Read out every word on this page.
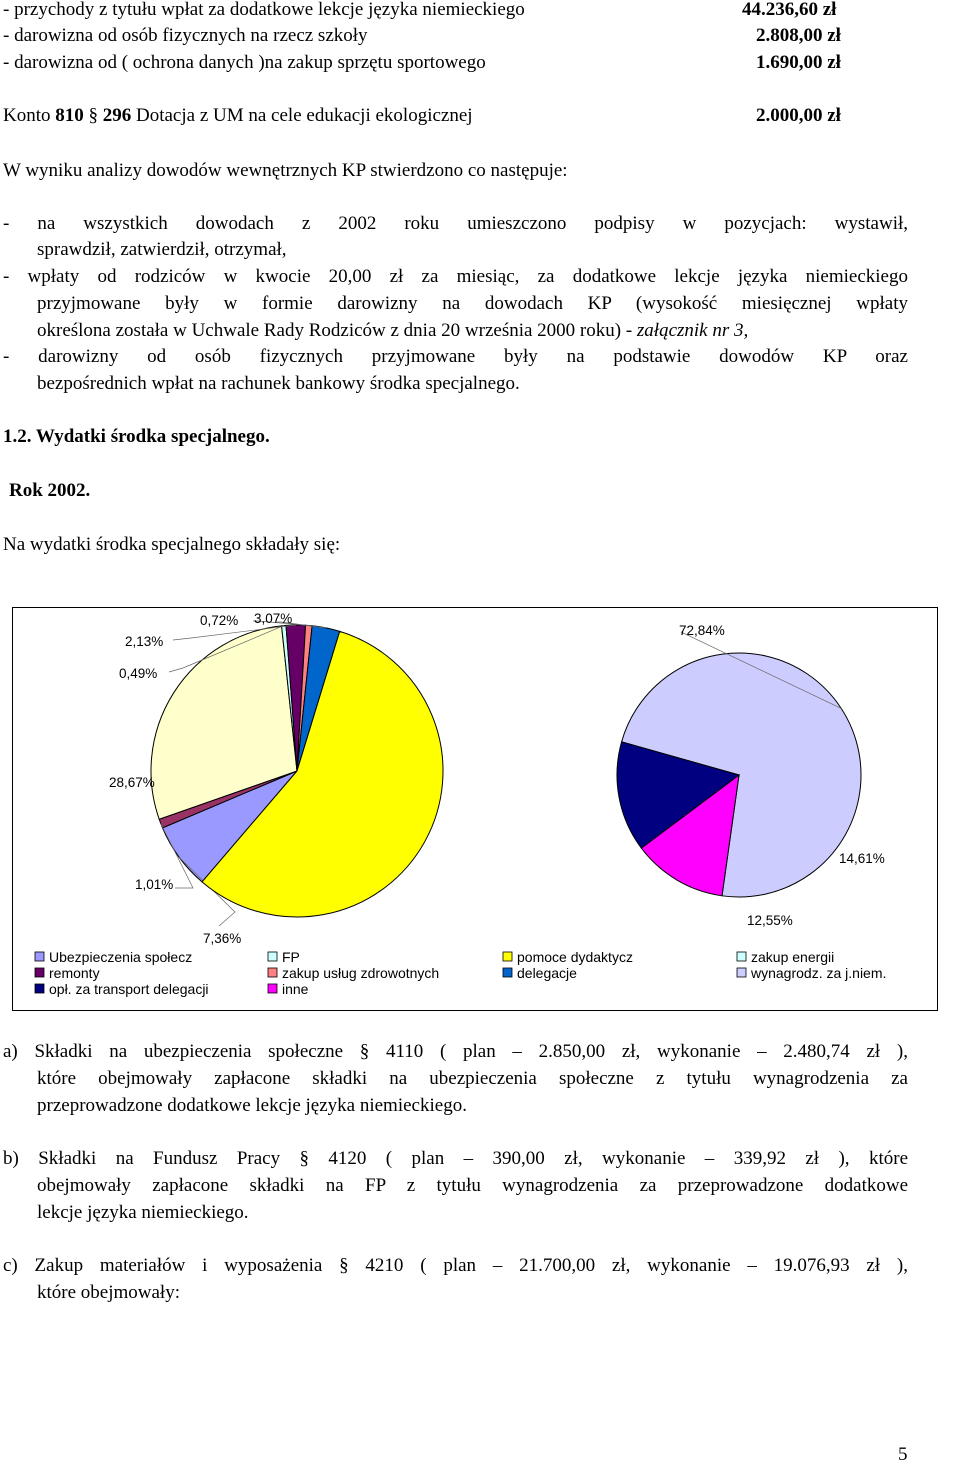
- przychody z tytułu wpłat za dodatkowe lekcje języka niemieckiego	44.236,60 zł
- darowizna od osób fizycznych na rzecz szkoły	2.808,00 zł
- darowizna od ( ochrona danych )na zakup sprzętu sportowego	1.690,00 zł
Konto 810 § 296 Dotacja z UM na cele edukacji ekologicznej	2.000,00 zł
W wyniku analizy dowodów wewnętrznych KP stwierdzono co następuje:
- na wszystkich dowodach z 2002 roku umieszczono podpisy w pozycjach: wystawił,
sprawdził, zatwierdził, otrzymał,
- wpłaty od rodziców w kwocie 20,00 zł za miesiąc, za dodatkowe lekcje języka niemieckiego
przyjmowane były w formie darowizny na dowodach KP (wysokość miesięcznej wpłaty
określona została w Uchwale Rady Rodziców z dnia 20 września 2000 roku) - załącznik nr 3,
- darowizny od osób fizycznych przyjmowane były na podstawie dowodów KP oraz
bezpośrednich wpłat na rachunek bankowy środka specjalnego.
1.2. Wydatki środka specjalnego.
Rok 2002.
Na wydatki środka specjalnego składały się:
7,36%
1,01%
28,67%
0,49%
2,13%
0,72% 3,07%
72,84%
12,55%
14,61%
Ubezpieczenia społecz	FP	pomoce dydaktycz	zakup energii
remonty	zakup usług zdrowotnych	delegacje	wynagrodz. za j.niem.
opł. za transport delegacji	inne
a) Składki na ubezpieczenia społeczne § 4110 ( plan – 2.850,00 zł, wykonanie – 2.480,74 zł ),
które obejmowały zapłacone składki na ubezpieczenia społeczne z tytułu wynagrodzenia za
przeprowadzone dodatkowe lekcje języka niemieckiego.
b) Składki na Fundusz Pracy § 4120 ( plan – 390,00 zł, wykonanie – 339,92 zł ), które
obejmowały zapłacone składki na FP z tytułu wynagrodzenia za przeprowadzone dodatkowe
lekcje języka niemieckiego.
c) Zakup materiałów i wyposażenia § 4210 ( plan – 21.700,00 zł, wykonanie – 19.076,93 zł ),
które obejmowały:
5
